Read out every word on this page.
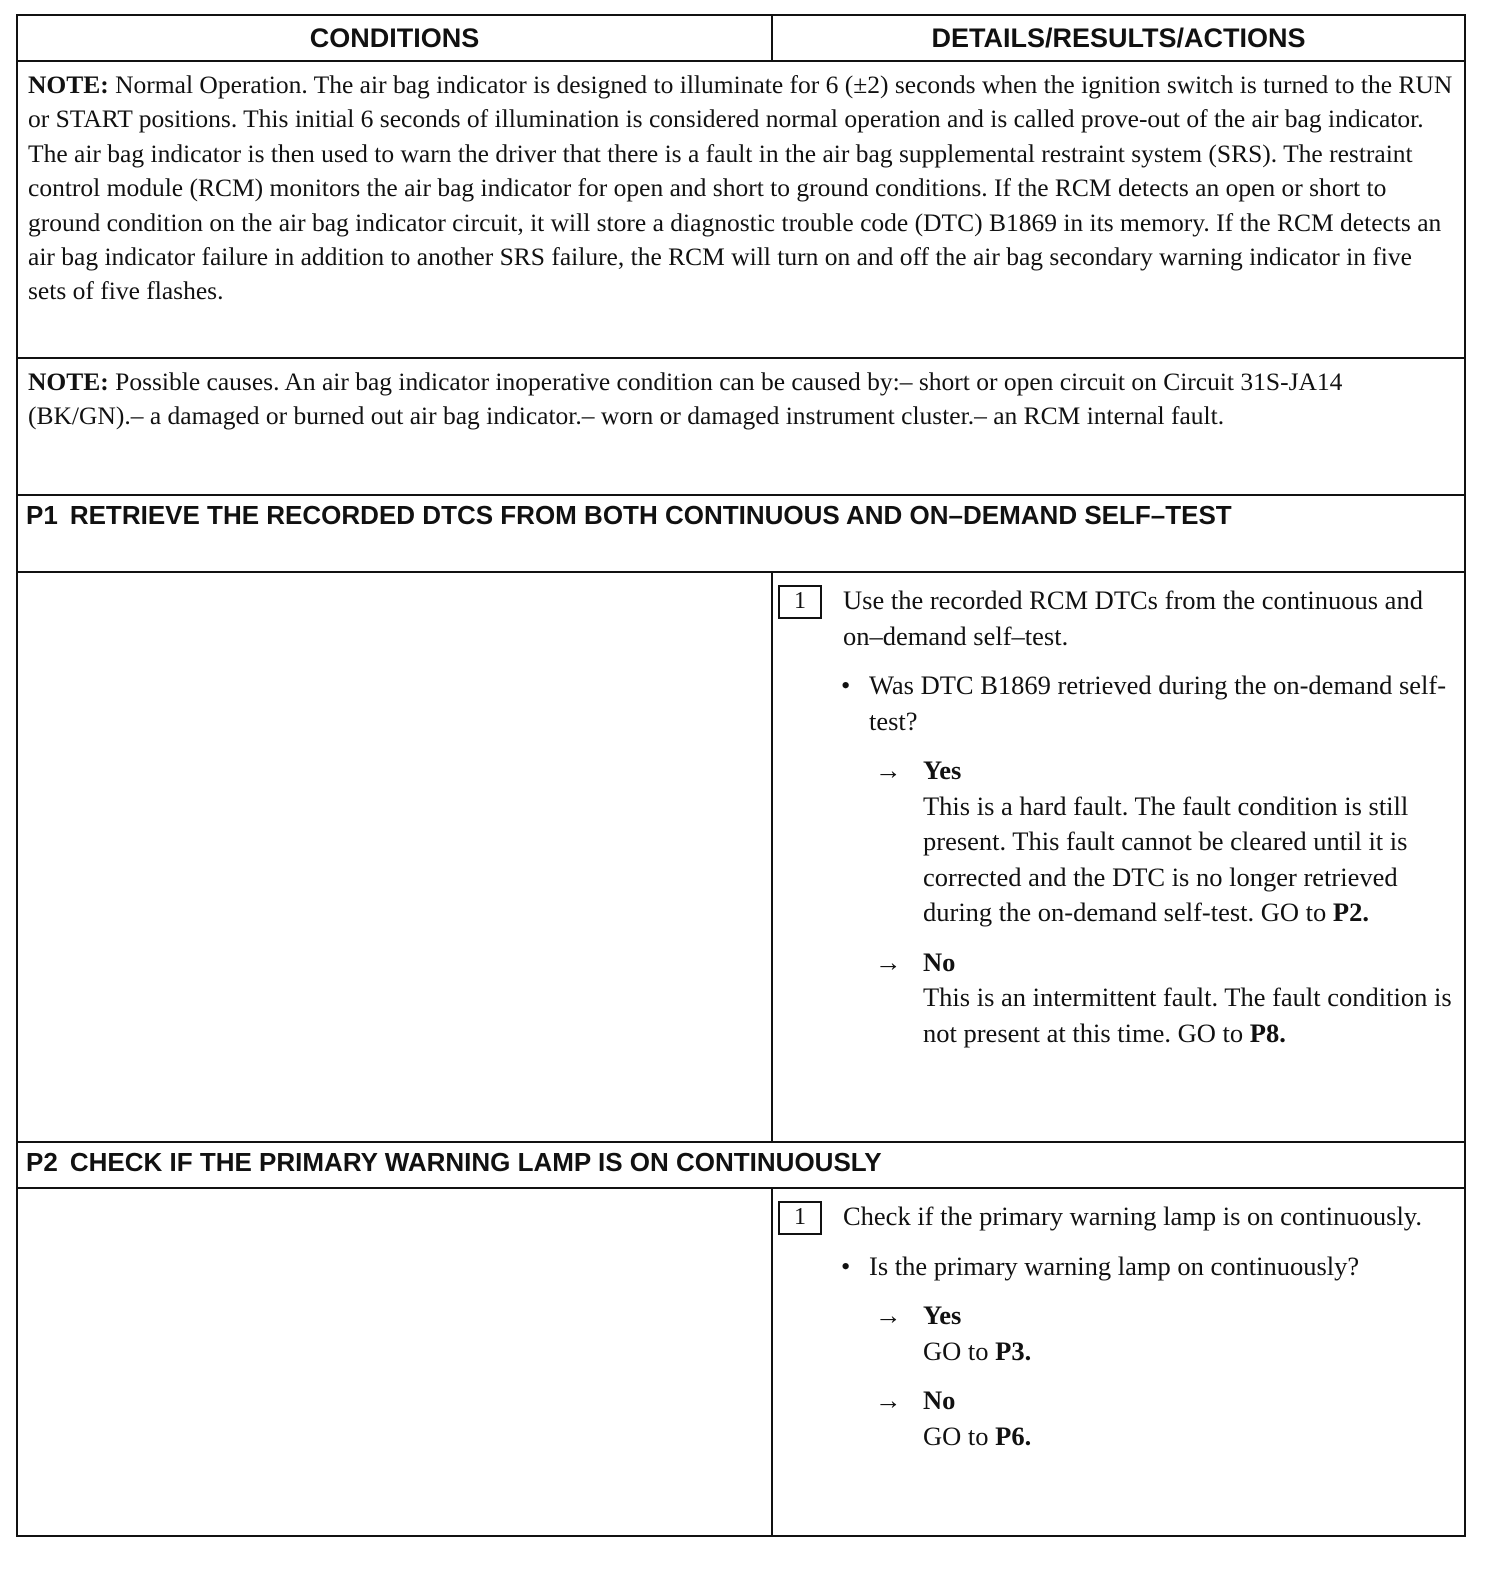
CONDITIONS	DETAILS/RESULTS/ACTIONS
NOTE: Normal Operation. The air bag indicator is designed to illuminate for 6 (±2) seconds when the ignition switch is turned to the RUN or START positions. This initial 6 seconds of illumination is considered normal operation and is called prove-out of the air bag indicator. The air bag indicator is then used to warn the driver that there is a fault in the air bag supplemental restraint system (SRS). The restraint control module (RCM) monitors the air bag indicator for open and short to ground conditions. If the RCM detects an open or short to ground condition on the air bag indicator circuit, it will store a diagnostic trouble code (DTC) B1869 in its memory. If the RCM detects an air bag indicator failure in addition to another SRS failure, the RCM will turn on and off the air bag secondary warning indicator in five sets of five flashes.
NOTE: Possible causes. An air bag indicator inoperative condition can be caused by:– short or open circuit on Circuit 31S-JA14 (BK/GN).– a damaged or burned out air bag indicator.– worn or damaged instrument cluster.– an RCM internal fault.
P1 RETRIEVE THE RECORDED DTCS FROM BOTH CONTINUOUS AND ON–DEMAND SELF–TEST
1	Use the recorded RCM DTCs from the continuous and on–demand self–test.
• Was DTC B1869 retrieved during the on-demand self-test?
→ Yes
This is a hard fault. The fault condition is still present. This fault cannot be cleared until it is corrected and the DTC is no longer retrieved during the on-demand self-test. GO to P2.
→ No
This is an intermittent fault. The fault condition is not present at this time. GO to P8.
P2 CHECK IF THE PRIMARY WARNING LAMP IS ON CONTINUOUSLY
1	Check if the primary warning lamp is on continuously.
• Is the primary warning lamp on continuously?
→ Yes
GO to P3.
→ No
GO to P6.
